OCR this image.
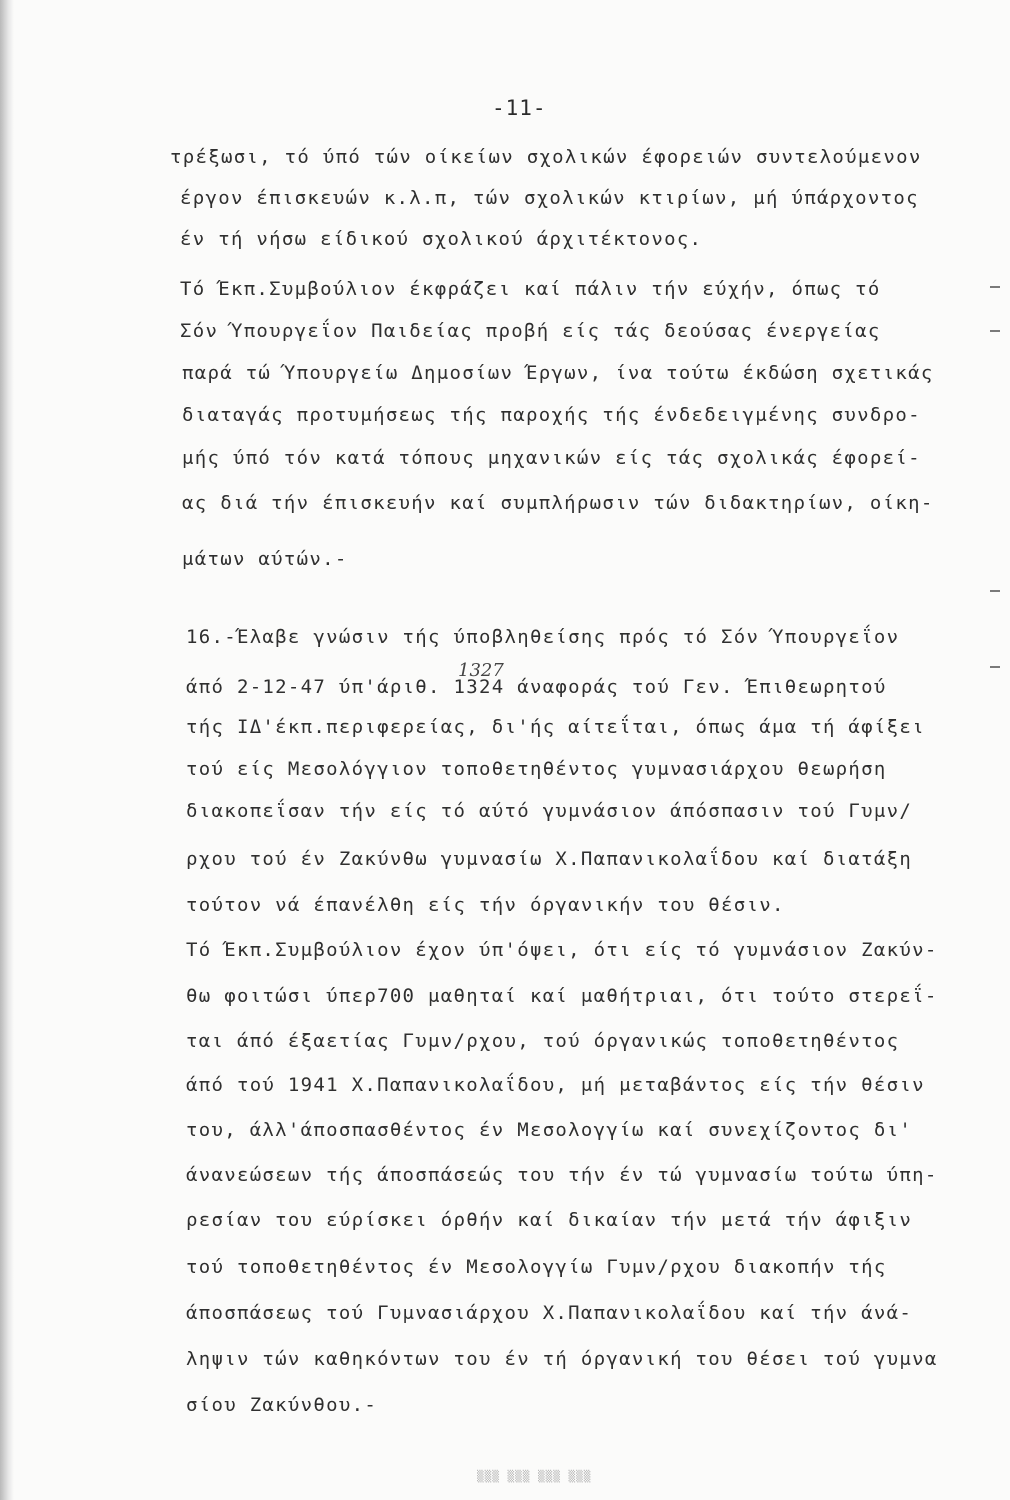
-11-
τρέξωσι, τό ύπό τών οίκείων σχολικών έφορειών συντελούμενον
έργον έπισκευών κ.λ.π, τών σχολικών κτιρίων, μή ύπάρχοντος
έν τή νήσω είδικού σχολικού άρχιτέκτονος.
Τό Έκπ.Συμβούλιον έκφράζει καί πάλιν τήν εύχήν, όπως τό
Σόν Ύπουργεΐον Παιδείας προβή είς τάς δεούσας ένεργείας
παρά τώ Ύπουργείω Δημοσίων Έργων, ίνα τούτω έκδώση σχετικάς
διαταγάς προτυμήσεως τής παροχής τής ένδεδειγμένης συνδρο-
μής ύπό τόν κατά τόπους μηχανικών είς τάς σχολικάς έφορεί-
ας διά τήν έπισκευήν καί συμπλήρωσιν τών διδακτηρίων, οίκη-
μάτων αύτών.-
16.-Έλαβε γνώσιν τής ύποβληθείσης πρός τό Σόν Ύπουργεΐον
1327
άπό 2-12-47 ύπ'άριθ. 1324 άναφοράς τού Γεν. Έπιθεωρητού
τής ΙΔ'έκπ.περιφερείας, δι'ής αίτεΐται, όπως άμα τή άφίξει
τού είς Μεσολόγγιον τοποθετηθέντος γυμνασιάρχου θεωρήση
διακοπεΐσαν τήν είς τό αύτό γυμνάσιον άπόσπασιν τού Γυμν/
ρχου τού έν Ζακύνθω γυμνασίω Χ.Παπανικολαΐδου καί διατάξη
τούτον νά έπανέλθη είς τήν όργανικήν του θέσιν.
Τό Έκπ.Συμβούλιον έχον ύπ'όψει, ότι είς τό γυμνάσιον Ζακύν-
θω φοιτώσι ύπερ700 μαθηταί καί μαθήτριαι, ότι τούτο στερεΐ-
ται άπό έξαετίας Γυμν/ρχου, τού όργανικώς τοποθετηθέντος
άπό τού 1941 Χ.Παπανικολαΐδου, μή μεταβάντος είς τήν θέσιν
του, άλλ'άποσπασθέντος έν Μεσολογγίω καί συνεχίζοντος δι'
άνανεώσεων τής άποσπάσεώς του τήν έν τώ γυμνασίω τούτω ύπη-
ρεσίαν του εύρίσκει όρθήν καί δικαίαν τήν μετά τήν άφιξιν
τού τοποθετηθέντος έν Μεσολογγίω Γυμν/ρχου διακοπήν τής
άποσπάσεως τού Γυμνασιάρχου Χ.Παπανικολαΐδου καί τήν άνά-
ληψιν τών καθηκόντων του έν τή όργανική του θέσει τού γυμνα
σίου Ζακύνθου.-
▒▒▒ ▒▒▒ ▒▒▒ ▒▒▒
